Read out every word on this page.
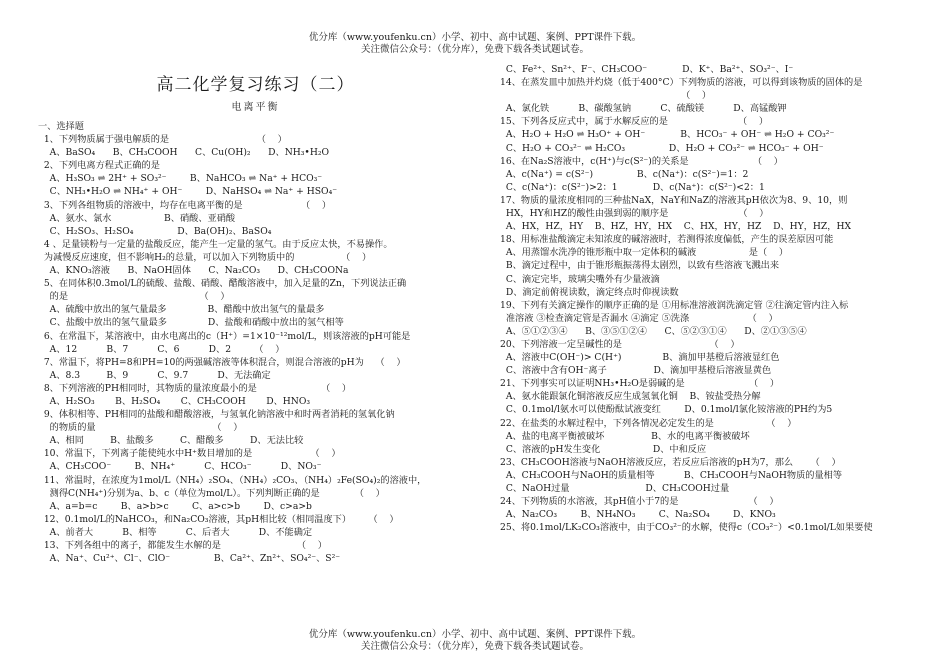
优分库（www.youfenku.cn）小学、初中、高中试题、案例、PPT课件下载。
关注微信公众号：（优分库），免费下载各类试题试卷。
高二化学复习练习（二）
电离平衡
一、选择题
1、下列物质属于强电解质的是                              （    ）
A、BaSO₄      B、CH₃COOH      C、Cu(OH)₂      D、NH₃•H₂O
2、下列电离方程式正确的是
A、H₃SO₃ ⇌ 2H⁺ + SO₃²⁻        B、NaHCO₃ ⇌ Na⁺ + HCO₃⁻
C、NH₃•H₂O ⇌ NH₄⁺ + OH⁻        D、NaHSO₄ ⇌ Na⁺ + HSO₄⁻
3、下列各组物质的溶液中，均存在电离平衡的是                    （    ）
A、氨水、氯水                  B、硝酸、亚硝酸
C、H₂SO₃、H₂SO₄               D、Ba(OH)₂、BaSO₄
4 、足量镁粉与一定量的盐酸反应，能产生一定量的氢气。由于反应太快，不易操作。
为减慢反应速度，但不影响H₂的总量，可以加入下列物质中的                （    ）
A、KNO₃溶液      B、NaOH固体      C、Na₂CO₃      D、CH₃COONa
5、在同体积0.3mol/L的硫酸、盐酸、硝酸、醋酸溶液中，加入足量的Zn，下列说法正确
的是                                             （    ）
A、硫酸中放出的氢气量最多              B、醋酸中放出氢气的量最多
C、盐酸中放出的氢气量最多              D、盐酸和硝酸中放出的氢气相等
6、在常温下，某溶液中，由水电离出的c（H⁺）=1×10⁻¹²mol/L，则该溶液的pH可能是
A、12          B、7          C、6          D、2        （    ）
7、常温下，将PH=8和PH=10的两强碱溶液等体积混合，则混合溶液的pH为    （    ）
A、8.3         B、9          C、9.7          D、无法确定
8、下列溶液的PH相同时，其物质的量浓度最小的是                      （    ）
A、H₂SO₃       B、H₂SO₄       C、CH₃COOH       D、HNO₃
9、体积相等、PH相同的盐酸和醋酸溶液，与氢氧化钠溶液中和时两者消耗的氢氧化钠
的物质的量                                        （    ）
A、相同         B、盐酸多         C、醋酸多         D、无法比较
10、常温下，下列离子能使纯水中H⁺数目增加的是                    （    ）
A、CH₃COO⁻        B、NH₄⁺          C、HCO₃⁻          D、NO₃⁻
11、常温时，在浓度为1mol/L（NH₄）₂SO₄、（NH₄）₂CO₃、（NH₄）₂Fe(SO₄)₂的溶液中，
测得C(NH₄⁺)分别为a、b、c（单位为mol/L）。下列判断正确的是            （    ）
A、a=b=c        B、a>b>c        C、a>c>b        D、c>a>b
12、0.1mol/L的NaHCO₃，和Na₂CO₃溶液，其pH相比较（相同温度下）      （    ）
A、前者大          B、相等          C、后者大          D、不能确定
13、下列各组中的离子，都能发生水解的是                          （    ）
A、Na⁺、Cu²⁺、Cl⁻、ClO⁻               B、Ca²⁺、Zn²⁺、SO₄²⁻、S²⁻
C、Fe²⁺、Sn²⁺、F⁻、CH₃COO⁻            D、K⁺、Ba²⁺、SO₃²⁻、I⁻
14、在蒸发皿中加热并灼烧（低于400°C）下列物质的溶液，可以得到该物质的固体的是
（    ）
A、氯化铁          B、碳酸氢钠          C、硫酸镁          D、高锰酸钾
15、下列各反应式中，属于水解反应的是                        （    ）
A、H₂O + H₂O ⇌ H₃O⁺ + OH⁻            B、HCO₃⁻ + OH⁻ ⇌ H₂O + CO₃²⁻
C、H₂O + CO₃²⁻ ⇌ H₂CO₃               D、H₂O + CO₃²⁻ ⇌ HCO₃⁻ + OH⁻
16、在Na₂S溶液中，c(H⁺)与c(S²⁻)的关系是                      （    ）
A、c(Na⁺) = c(S²⁻)               B、c(Na⁺)：c(S²⁻)=1：2
C、c(Na⁺)：c(S²⁻)>2：1            D、c(Na⁺)：c(S²⁻)<2：1
17、物质的量浓度相同的三种盐NaX，NaY和NaZ的溶液其pH依次为8、9、10，则
HX，HY和HZ的酸性由强到弱的顺序是                        （    ）
A、HX，HZ，HY    B、HZ，HY，HX    C、HX，HY，HZ    D、HY，HZ，HX
18、用标准盐酸滴定未知浓度的碱溶液时，若测得浓度偏低，产生的误差原因可能
A、用蒸馏水洗净的锥形瓶中取一定体积的碱液                  是（    ）
B、滴定过程中，由于锥形瓶振荡得太剧烈，以致有些溶液飞溅出来
C、滴定完毕，玻璃尖嘴外有少量液滴
D、滴定前俯视读数，滴定终点时仰视读数
19、下列有关滴定操作的顺序正确的是 ①用标准溶液润洗滴定管 ②往滴定管内注入标
准溶液 ③检查滴定管是否漏水 ④滴定 ⑤洗涤                    （    ）
A、⑤①②③④      B、③⑤①②④      C、⑤②③①④      D、②①③⑤④
20、下列溶液一定呈碱性的是                              （    ）
A、溶液中C(OH⁻)> C(H⁺)              B、滴加甲基橙后溶液显红色
C、溶液中含有OH⁻离子                D、滴加甲基橙后溶液显黄色
21、下列事实可以证明NH₃•H₂O是弱碱的是                      （    ）
A、氨水能跟氯化铜溶液反应生成氢氧化铜    B、铵盐受热分解
C、0.1mol/l氨水可以使酚酞试液变红        D、0.1mol/l氯化铵溶液的PH约为5
22、在盐类的水解过程中，下列各情况必定发生的是                  （    ）
A、盐的电离平衡被破坏                B、水的电离平衡被破坏
C、溶液的pH发生变化                  D、中和反应
23、CH₃COOH溶液与NaOH溶液反应，若反应后溶液的pH为7，那么      （    ）
A、CH₃COOH与NaOH的质量相等          B、CH₃COOH与NaOH物质的量相等
C、NaOH过量                          D、CH₃COOH过量
24、下列物质的水溶液，其pH值小于7的是                        （    ）
A、Na₂CO₃        B、NH₄NO₃        C、Na₂SO₄        D、KNO₃
25、将0.1mol/LK₂CO₃溶液中，由于CO₃²⁻的水解，使得c（CO₃²⁻）<0.1mol/L如果要使
优分库（www.youfenku.cn）小学、初中、高中试题、案例、PPT课件下载。
关注微信公众号：（优分库），免费下载各类试题试卷。
